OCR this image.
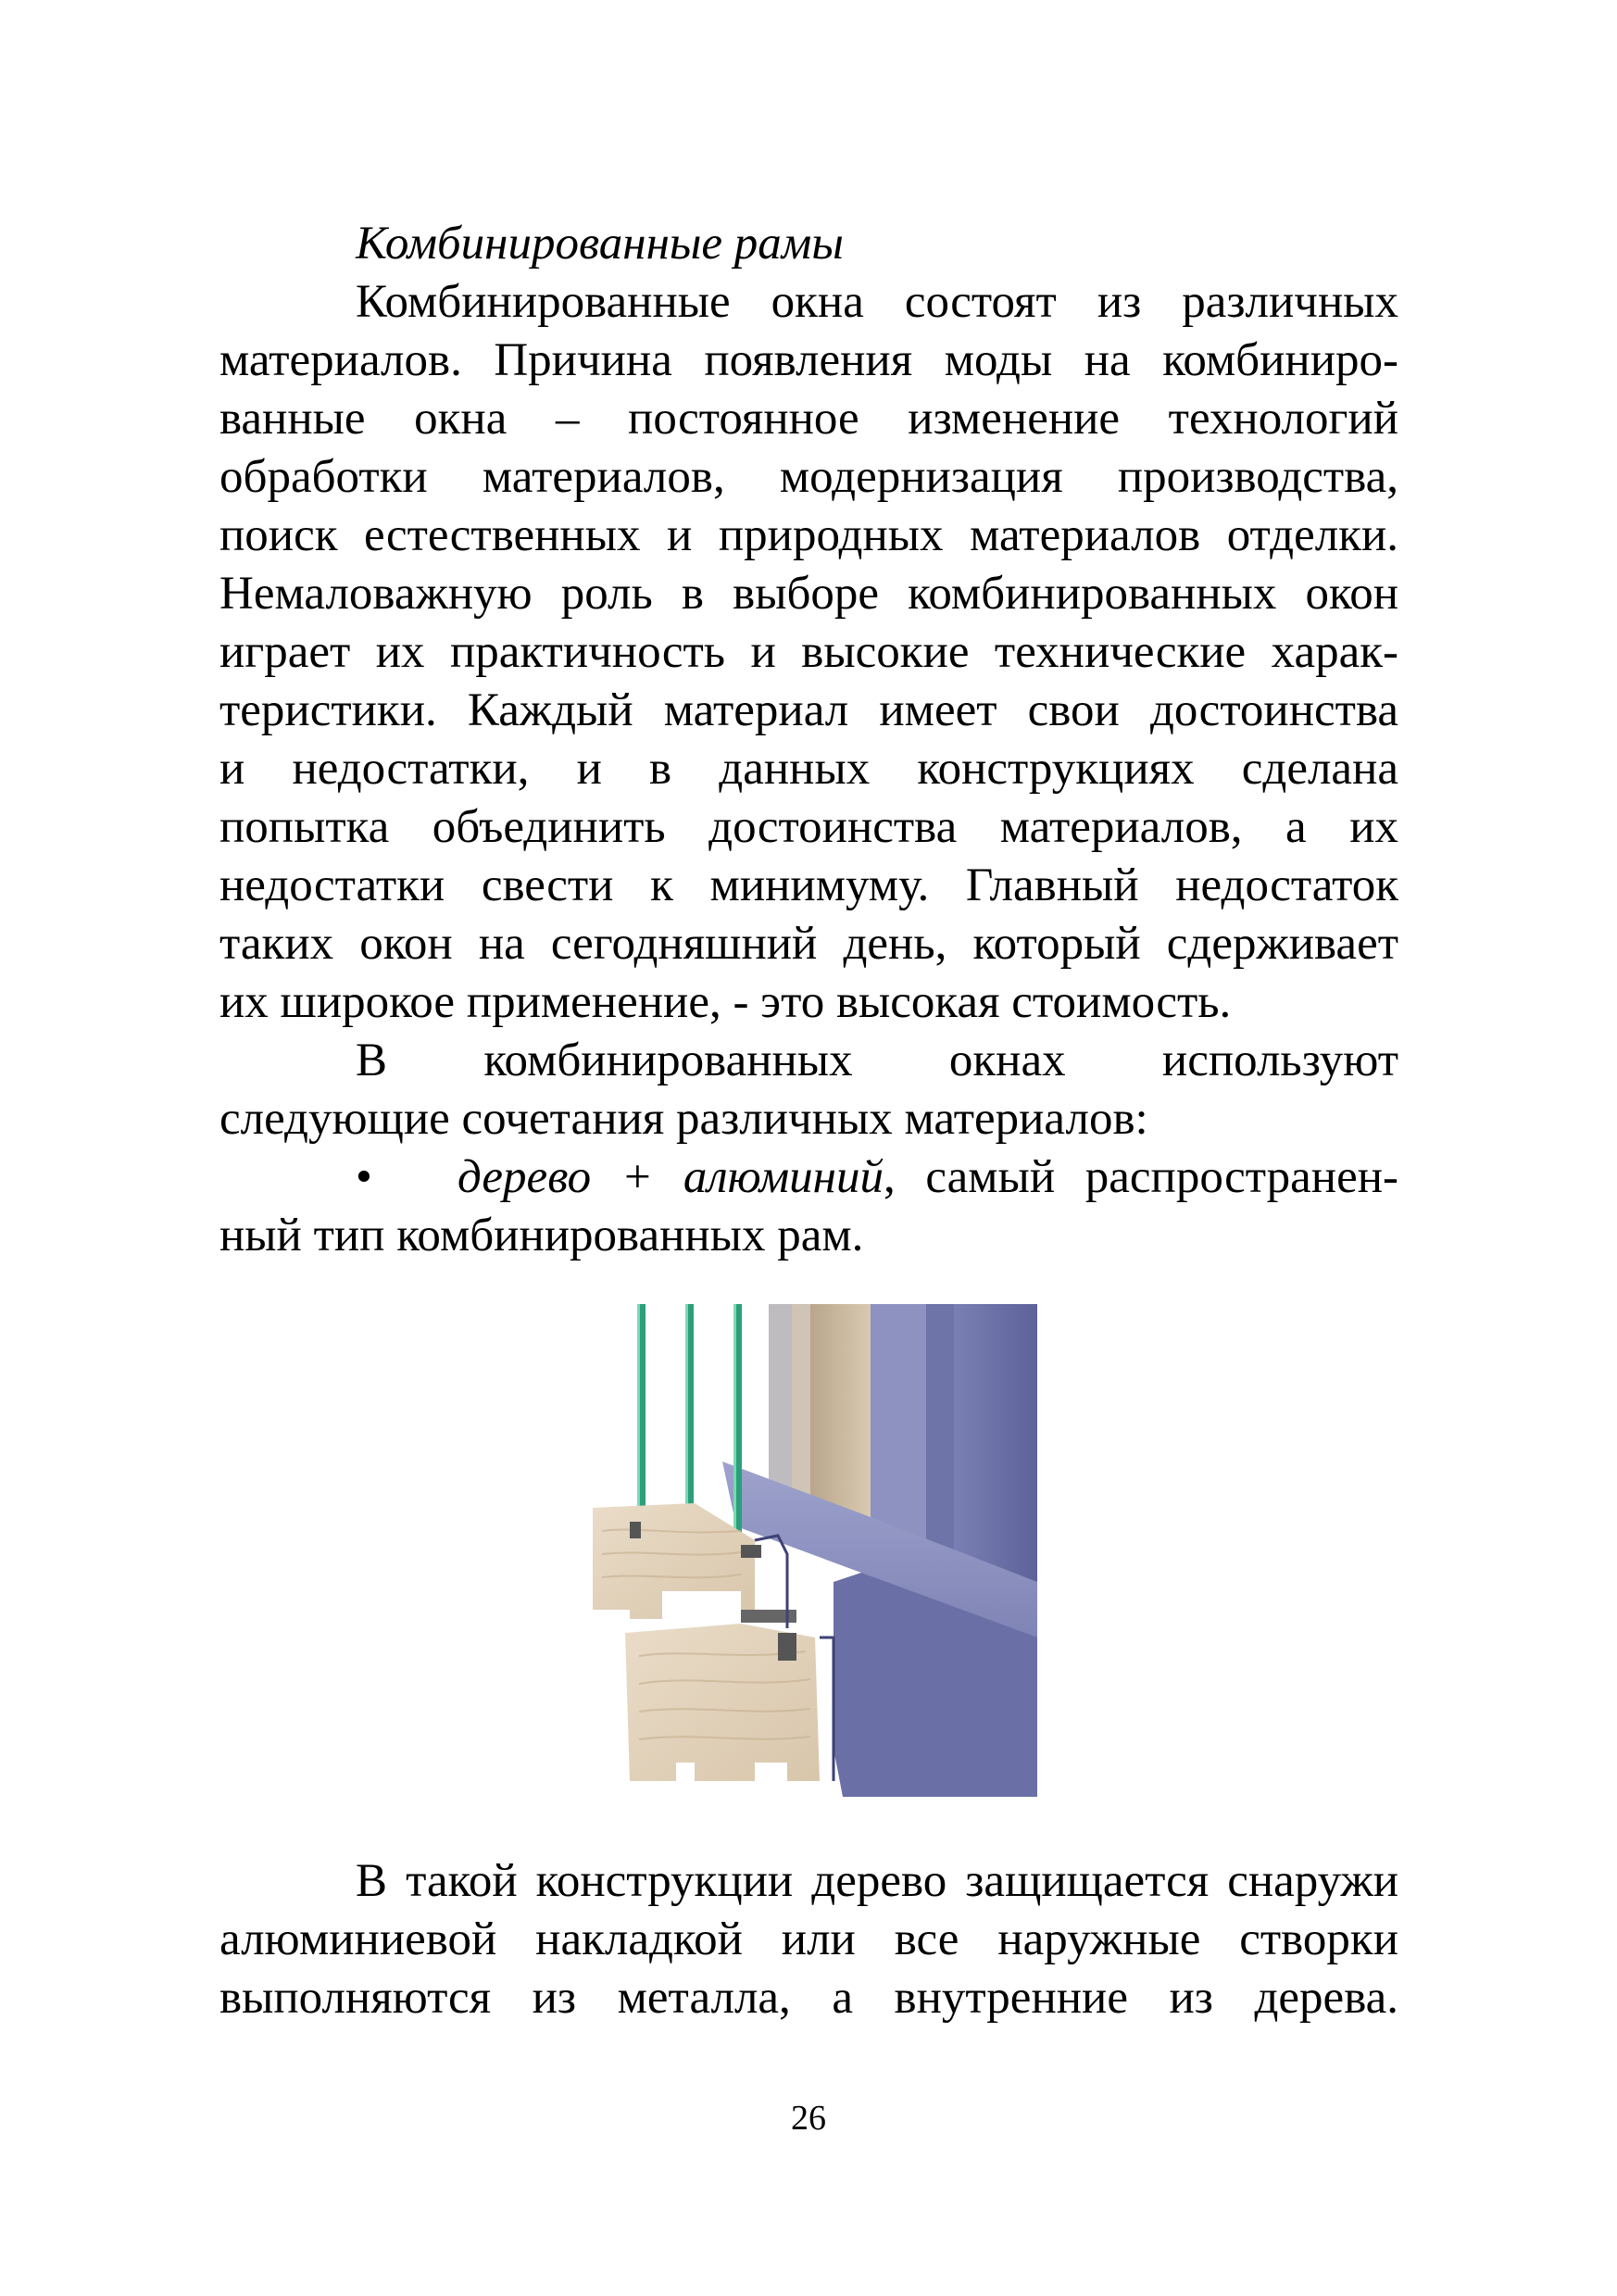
Комбинированные рамы

Комбинированные окна состоят из различных

материалов. Причина появления моды на комбиниро-

ванные окна – постоянное изменение технологий

обработки материалов, модернизация производства,

поиск естественных и природных материалов отделки.

Немаловажную роль в выборе комбинированных окон

играет их практичность и высокие технические харак-

теристики. Каждый материал имеет свои достоинства

и недостатки, и в данных конструкциях сделана

попытка объединить достоинства материалов, а их

недостатки свести к минимуму. Главный недостаток

таких окон на сегодняшний день, который сдерживает

их широкое применение, - это высокая стоимость.

В комбинированных окнах используют

следующие сочетания различных материалов:

•дерево + алюминий, самый распространен-

ный тип комбинированных рам.

В такой конструкции дерево защищается снаружи

алюминиевой накладкой или все наружные створки

выполняются из металла, а внутренние из дерева.

26
